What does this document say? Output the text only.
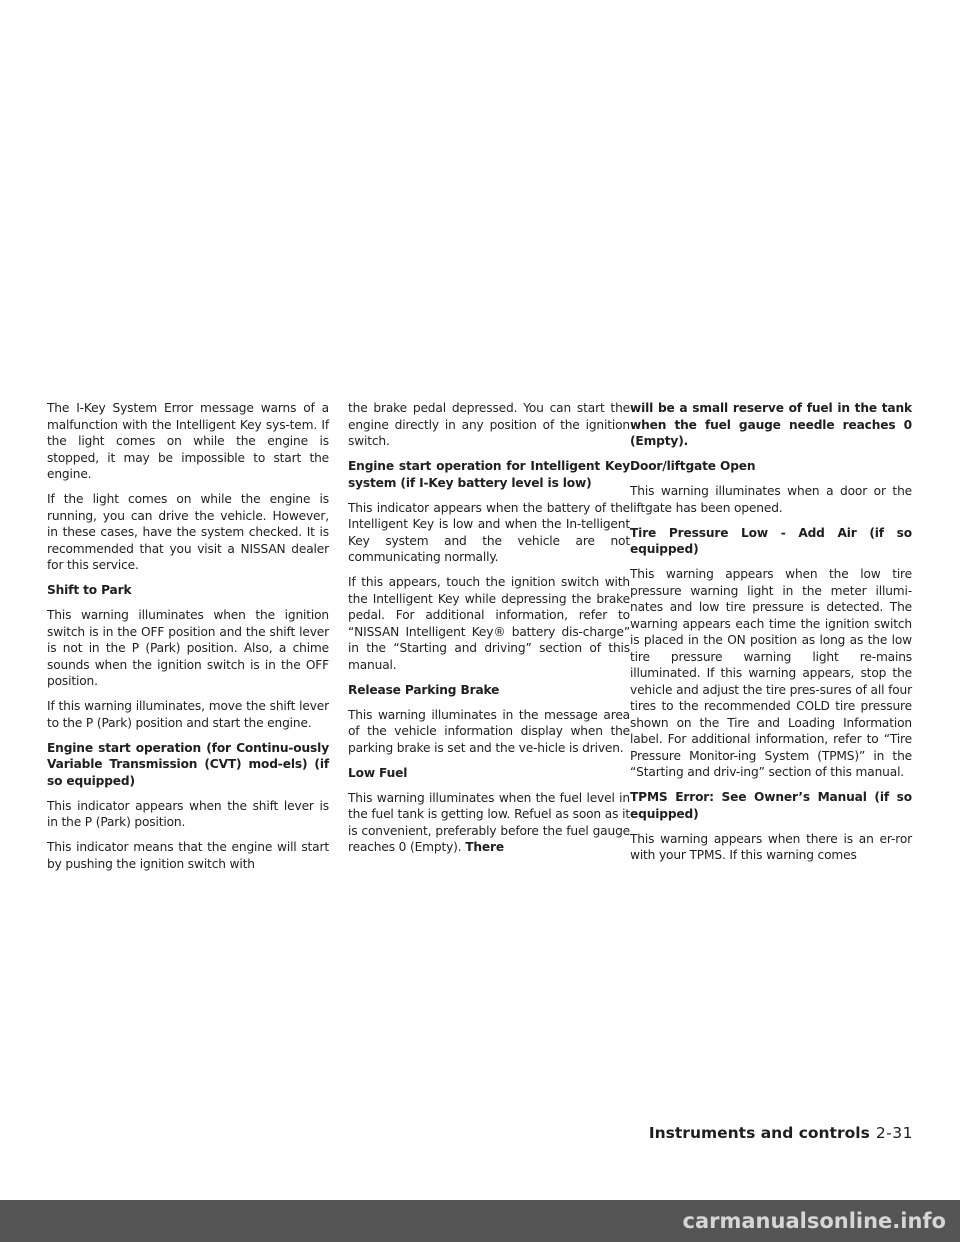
The I-Key System Error message warns of a malfunction with the Intelligent Key sys-tem. If the light comes on while the engine is stopped, it may be impossible to start the engine.

If the light comes on while the engine is running, you can drive the vehicle. However, in these cases, have the system checked. It is recommended that you visit a NISSAN dealer for this service.

Shift to Park

This warning illuminates when the ignition switch is in the OFF position and the shift lever is not in the P (Park) position. Also, a chime sounds when the ignition switch is in the OFF position.

If this warning illuminates, move the shift lever to the P (Park) position and start the engine.

Engine start operation (for Continu-ously Variable Transmission (CVT) mod-els) (if so equipped)

This indicator appears when the shift lever is in the P (Park) position.

This indicator means that the engine will start by pushing the ignition switch with

the brake pedal depressed. You can start the engine directly in any position of the ignition switch.

Engine start operation for Intelligent Key system (if I-Key battery level is low)

This indicator appears when the battery of the Intelligent Key is low and when the In-telligent Key system and the vehicle are not communicating normally.

If this appears, touch the ignition switch with the Intelligent Key while depressing the brake pedal. For additional information, refer to “NISSAN Intelligent Key® battery dis-charge” in the “Starting and driving” section of this manual.

Release Parking Brake

This warning illuminates in the message area of the vehicle information display when the parking brake is set and the ve-hicle is driven.

Low Fuel

This warning illuminates when the fuel level in the fuel tank is getting low. Refuel as soon as it is convenient, preferably before the fuel gauge reaches 0 (Empty). There

will be a small reserve of fuel in the tank when the fuel gauge needle reaches 0 (Empty).

Door/liftgate Open

This warning illuminates when a door or the liftgate has been opened.

Tire Pressure Low - Add Air (if so equipped)

This warning appears when the low tire pressure warning light in the meter illumi-nates and low tire pressure is detected. The warning appears each time the ignition switch is placed in the ON position as long as the low tire pressure warning light re-mains illuminated. If this warning appears, stop the vehicle and adjust the tire pres-sures of all four tires to the recommended COLD tire pressure shown on the Tire and Loading Information label. For additional information, refer to “Tire Pressure Monitor-ing System (TPMS)” in the “Starting and driv-ing” section of this manual.

TPMS Error: See Owner’s Manual (if so equipped)

This warning appears when there is an er-ror with your TPMS. If this warning comes

Instruments and controls 2-31
carmanualsonline.info
